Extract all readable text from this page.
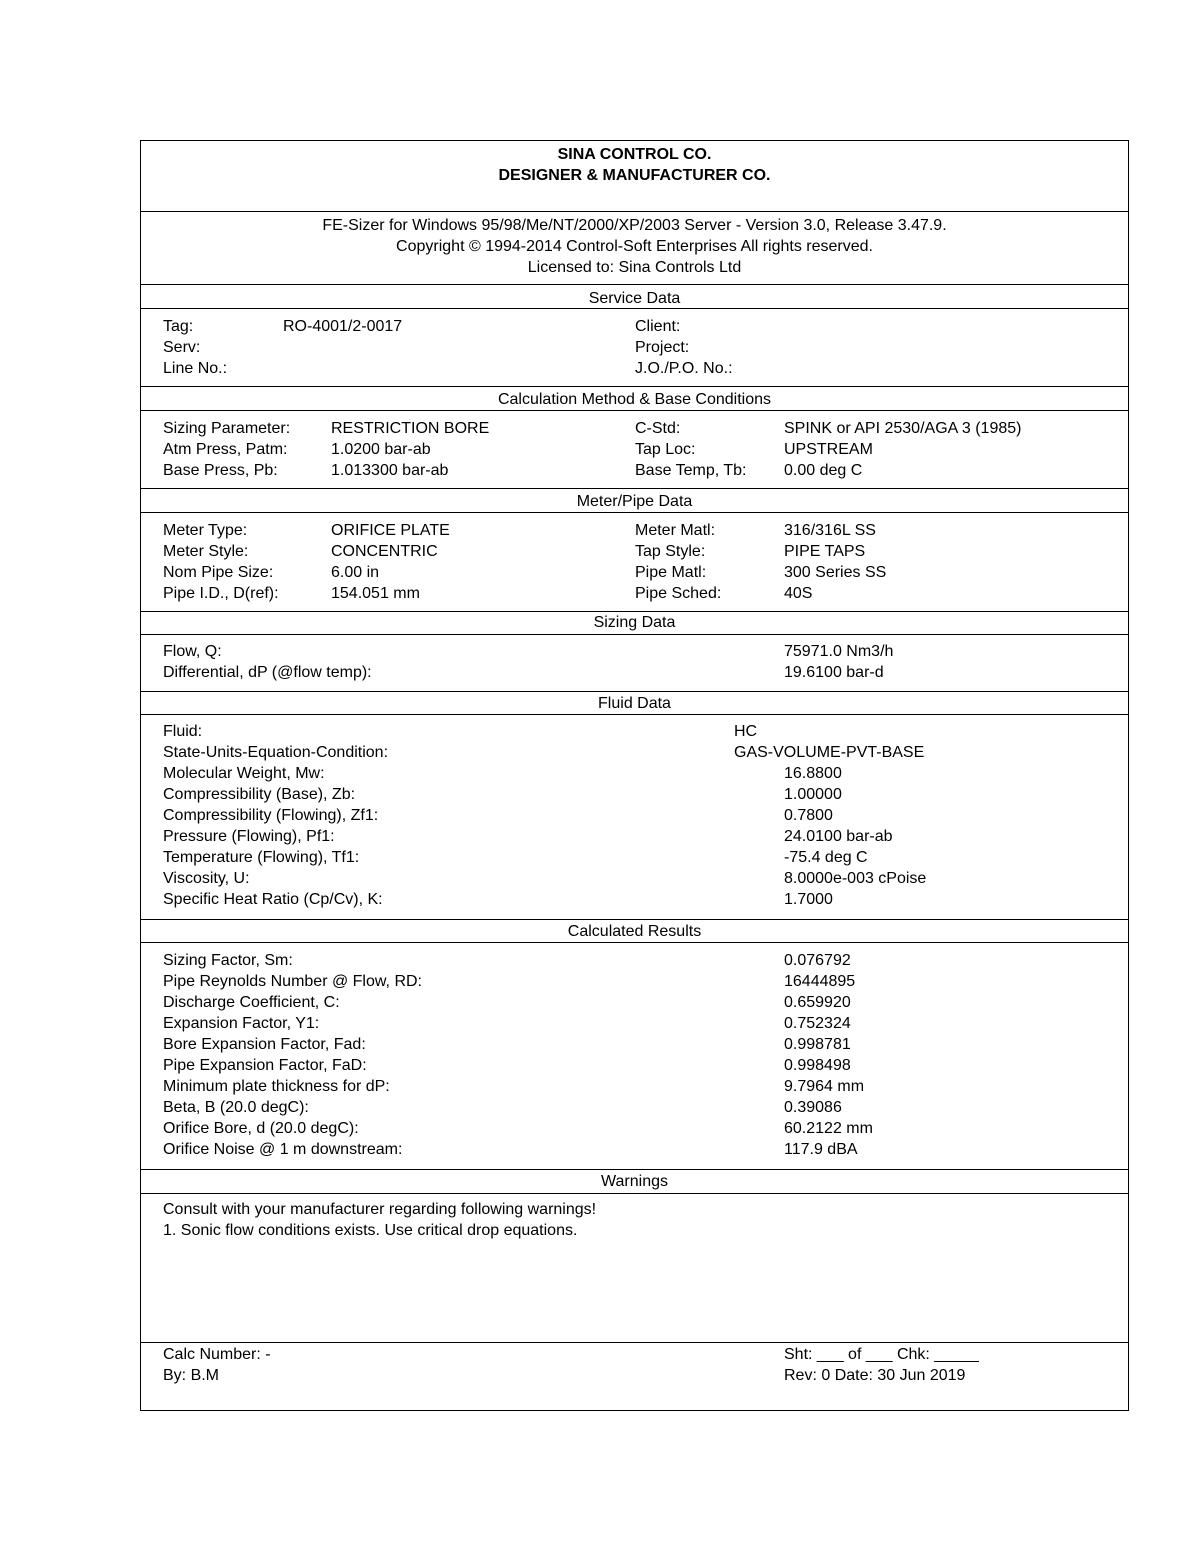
SINA CONTROL CO.
DESIGNER & MANUFACTURER CO.
FE-Sizer for Windows 95/98/Me/NT/2000/XP/2003 Server - Version 3.0, Release 3.47.9.
Copyright © 1994-2014 Control-Soft Enterprises All rights reserved.
Licensed to: Sina Controls Ltd
Service Data
Tag:	RO-4001/2-0017
Serv:
Line No.:
Client:
Project:
J.O./P.O. No.:
Calculation Method & Base Conditions
Sizing Parameter:	RESTRICTION BORE
Atm Press, Patm:	1.0200 bar-ab
Base Press, Pb:	1.013300 bar-ab
C-Std:	SPINK or API 2530/AGA 3 (1985)
Tap Loc:	UPSTREAM
Base Temp, Tb: 0.00 deg C
Meter/Pipe Data
Meter Type:	ORIFICE PLATE
Meter Style:	CONCENTRIC
Nom Pipe Size:	6.00 in
Pipe I.D., D(ref):	154.051 mm
Meter Matl:	316/316L SS
Tap Style:	PIPE TAPS
Pipe Matl:	300 Series SS
Pipe Sched:	40S
Sizing Data
Flow, Q:	75971.0 Nm3/h
Differential, dP (@flow temp):	19.6100 bar-d
Fluid Data
Fluid:	HC
State-Units-Equation-Condition:	GAS-VOLUME-PVT-BASE
Molecular Weight, Mw:	16.8800
Compressibility (Base), Zb:	1.00000
Compressibility (Flowing), Zf1:	0.7800
Pressure (Flowing), Pf1:	24.0100 bar-ab
Temperature (Flowing), Tf1:	-75.4 deg C
Viscosity, U:	8.0000e-003 cPoise
Specific Heat Ratio (Cp/Cv), K:	1.7000
Calculated Results
Sizing Factor, Sm:	0.076792
Pipe Reynolds Number @ Flow, RD:	16444895
Discharge Coefficient, C:	0.659920
Expansion Factor, Y1:	0.752324
Bore Expansion Factor, Fad:	0.998781
Pipe Expansion Factor, FaD:	0.998498
Minimum plate thickness for dP:	9.7964 mm
Beta, B (20.0 degC):	0.39086
Orifice Bore, d (20.0 degC):	60.2122 mm
Orifice Noise @ 1 m downstream:	117.9 dBA
Warnings
Consult with your manufacturer regarding following warnings!
1. Sonic flow conditions exists. Use critical drop equations.
Calc Number: -
By: B.M
Sht: ___ of ___ Chk: _____
Rev: 0 Date: 30 Jun 2019
